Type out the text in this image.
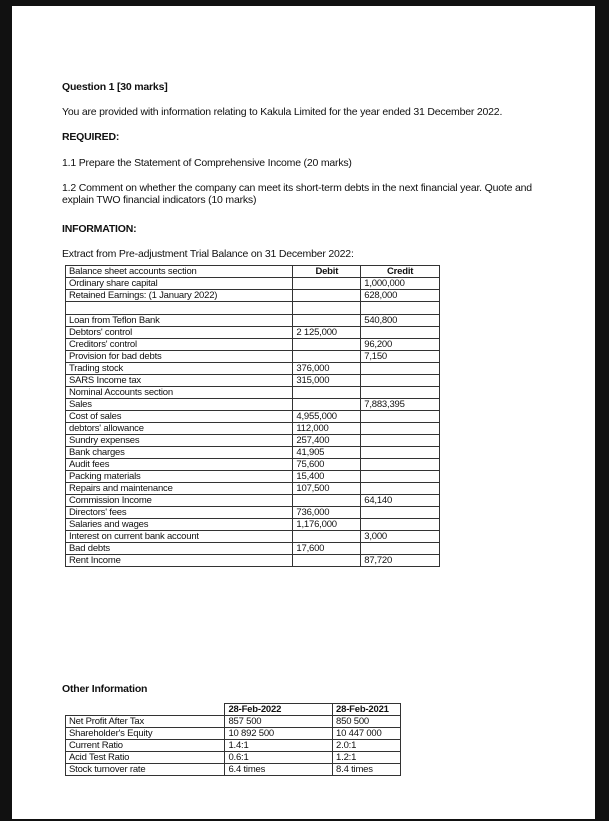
Question 1 [30 marks]
You are provided with information relating to Kakula Limited for the year ended 31 December 2022.
REQUIRED:
1.1 Prepare the Statement of Comprehensive Income (20 marks)
1.2 Comment on whether the company can meet its short-term debts in the next financial year. Quote and explain TWO financial indicators (10 marks)
INFORMATION:
Extract from Pre-adjustment Trial Balance on 31 December 2022:
Balance sheet accounts section	Debit	Credit
Ordinary share capital		1,000,000
Retained Earnings: (1 January 2022)		628,000

Loan from Teflon Bank		540,800
Debtors' control	2 125,000	
Creditors' control		96,200
Provision for bad debts		7,150
Trading stock	376,000	
SARS Income tax	315,000	
Nominal Accounts section		
Sales		7,883,395
Cost of sales	4,955,000	
debtors' allowance	112,000	
Sundry expenses	257,400	
Bank charges	41,905	
Audit fees	75,600	
Packing materials	15,400	
Repairs and maintenance	107,500	
Commission Income		64,140
Directors' fees	736,000	
Salaries and wages	1,176,000	
Interest on current bank account		3,000
Bad debts	17,600	
Rent Income		87,720
Other Information
	28-Feb-2022	28-Feb-2021
Net Profit After Tax	857 500	850 500
Shareholder's Equity	10 892 500	10 447 000
Current Ratio	1.4:1	2.0:1
Acid Test Ratio	0.6:1	1.2:1
Stock turnover rate	6.4 times	8.4 times
